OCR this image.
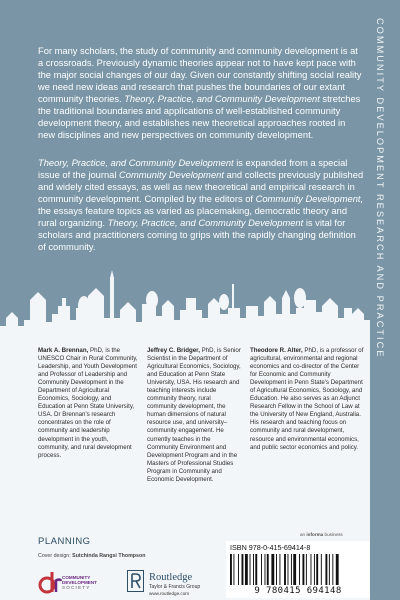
COMMUNITY DEVELOPMENT RESEARCH AND PRACTICE

For many scholars, the study of community and community development is at a crossroads. Previously dynamic theories appear not to have kept pace with the major social changes of our day. Given our constantly shifting social reality we need new ideas and research that pushes the boundaries of our extant community theories. Theory, Practice, and Community Development stretches the traditional boundaries and applications of well-established community development theory, and establishes new theoretical approaches rooted in new disciplines and new perspectives on community development.

Theory, Practice, and Community Development is expanded from a special issue of the journal Community Development and collects previously published and widely cited essays, as well as new theoretical and empirical research in community development. Compiled by the editors of Community Development, the essays feature topics as varied as placemaking, democratic theory and rural organizing. Theory, Practice, and Community Development is vital for scholars and practitioners coming to grips with the rapidly changing definition of community.

Mark A. Brennan, PhD, is the UNESCO Chair in Rural Community, Leadership, and Youth Development and Professor of Leadership and Community Development in the Department of Agricultural Economics, Sociology, and Education at Penn State University, USA. Dr Brennan's research concentrates on the role of community and leadership development in the youth, community, and rural development process.

Jeffrey C. Bridger, PhD, is Senior Scientist in the Department of Agricultural Economics, Sociology, and Education at Penn State University, USA. His research and teaching interests include community theory, rural community development, the human dimensions of natural resource use, and university–community engagement. He currently teaches in the Community Environment and Development Program and in the Masters of Professional Studies Program in Community and Economic Development.

Theodore R. Alter, PhD, is a professor of agricultural, environmental and regional economics and co-director of the Center for Economic and Community Development in Penn State's Department of Agricultural Economics, Sociology, and Education. He also serves as an Adjunct Research Fellow in the School of Law at the University of New England, Australia. His research and teaching focus on community and rural development, resource and environmental economics, and public sector economics and policy.

PLANNING
Cover design: Sutchinda Rangsi Thompson
COMMUNITY
DEVELOPMENT
SOCIETY
Routledge
Taylor & Francis Group
www.routledge.com
an informa business
ISBN 978-0-415-69414-8
9 780415 694148
